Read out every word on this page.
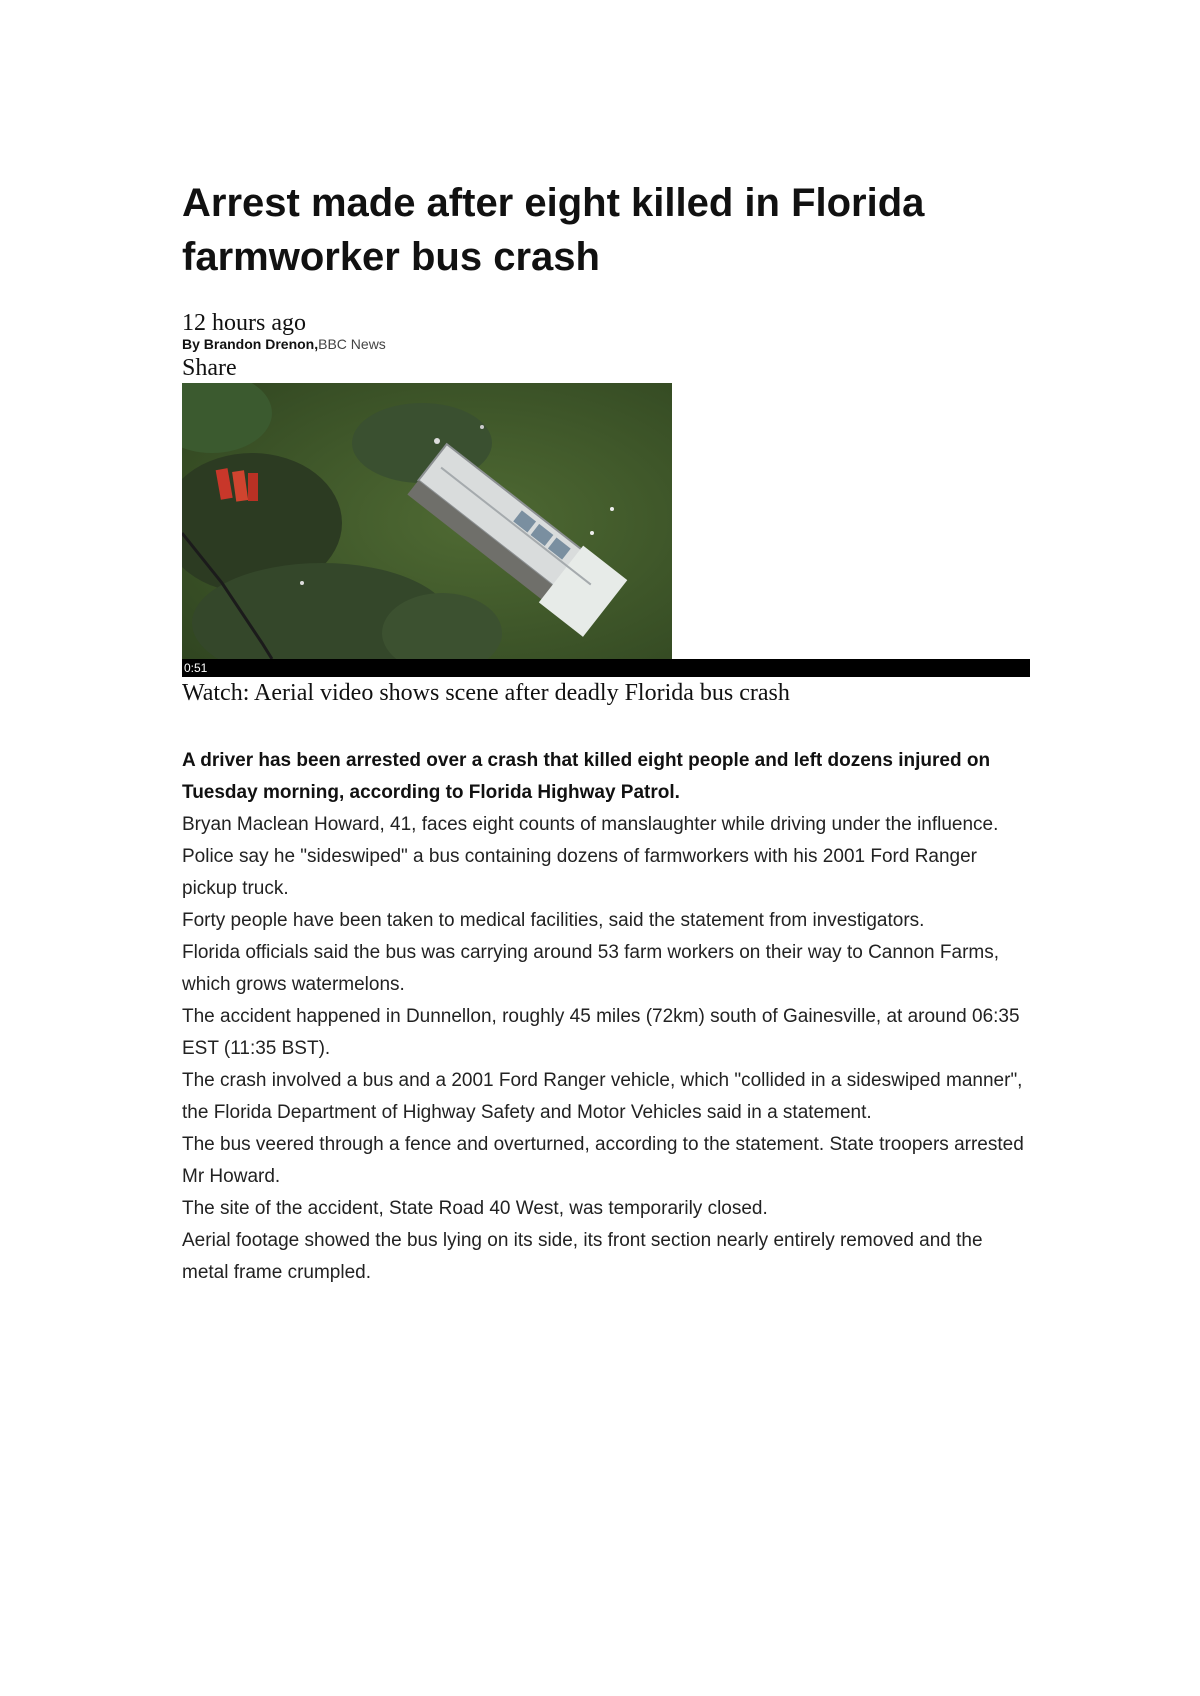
Arrest made after eight killed in Florida farmworker bus crash
12 hours ago
By Brandon Drenon,BBC News
Share
0:51
Watch: Aerial video shows scene after deadly Florida bus crash
A driver has been arrested over a crash that killed eight people and left dozens injured on Tuesday morning, according to Florida Highway Patrol.
Bryan Maclean Howard, 41, faces eight counts of manslaughter while driving under the influence.
Police say he "sideswiped" a bus containing dozens of farmworkers with his 2001 Ford Ranger pickup truck.
Forty people have been taken to medical facilities, said the statement from investigators.
Florida officials said the bus was carrying around 53 farm workers on their way to Cannon Farms, which grows watermelons.
The accident happened in Dunnellon, roughly 45 miles (72km) south of Gainesville, at around 06:35 EST (11:35 BST).
The crash involved a bus and a 2001 Ford Ranger vehicle, which "collided in a sideswiped manner", the Florida Department of Highway Safety and Motor Vehicles said in a statement.
The bus veered through a fence and overturned, according to the statement. State troopers arrested Mr Howard.
The site of the accident, State Road 40 West, was temporarily closed.
Aerial footage showed the bus lying on its side, its front section nearly entirely removed and the metal frame crumpled.
